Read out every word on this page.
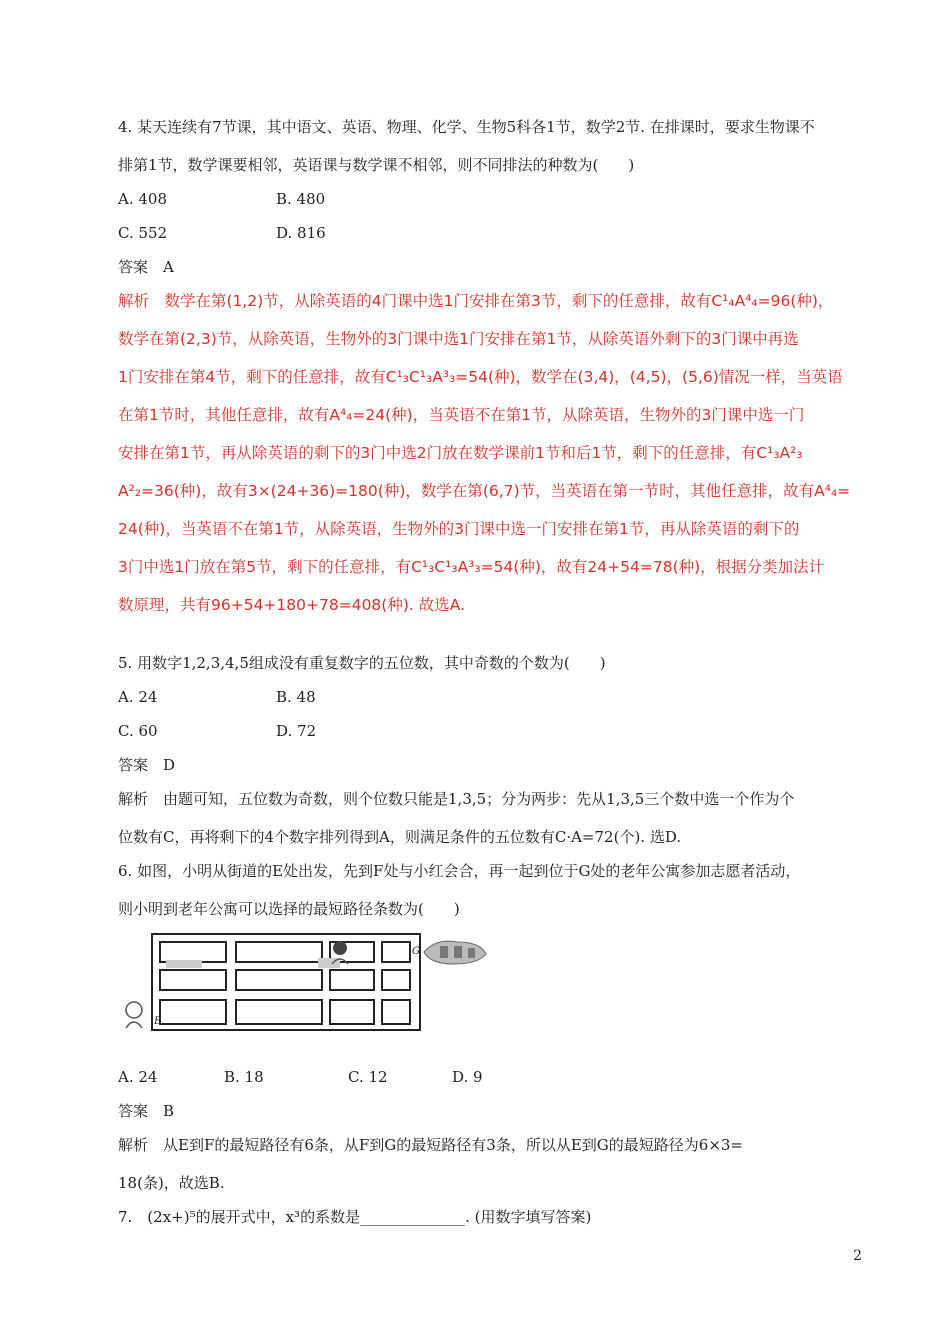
4. 某天连续有7节课，其中语文、英语、物理、化学、生物5科各1节，数学2节. 在排课时，要求生物课不
排第1节，数学课要相邻，英语课与数学课不相邻，则不同排法的种数为(　　)
A. 408	B. 480
C. 552	D. 816
答案　A
解析　数学在第(1,2)节，从除英语的4门课中选1门安排在第3节，剩下的任意排，故有C¹₄A⁴₄=96(种)，
数学在第(2,3)节，从除英语，生物外的3门课中选1门安排在第1节，从除英语外剩下的3门课中再选
1门安排在第4节，剩下的任意排，故有C¹₃C¹₃A³₃=54(种)，数学在(3,4)，(4,5)，(5,6)情况一样，当英语
在第1节时，其他任意排，故有A⁴₄=24(种)，当英语不在第1节，从除英语，生物外的3门课中选一门
安排在第1节，再从除英语的剩下的3门中选2门放在数学课前1节和后1节，剩下的任意排，有C¹₃A²₃
A²₂=36(种)，故有3×(24+36)=180(种)，数学在第(6,7)节，当英语在第一节时，其他任意排，故有A⁴₄=
24(种)，当英语不在第1节，从除英语，生物外的3门课中选一门安排在第1节，再从除英语的剩下的
3门中选1门放在第5节，剩下的任意排，有C¹₃C¹₃A³₃=54(种)，故有24+54=78(种)，根据分类加法计
数原理，共有96+54+180+78=408(种). 故选A.
5. 用数字1,2,3,4,5组成没有重复数字的五位数，其中奇数的个数为(　　)
A. 24	B. 48
C. 60	D. 72
答案　D
解析　由题可知，五位数为奇数，则个位数只能是1,3,5；分为两步：先从1,3,5三个数中选一个作为个
位数有C，再将剩下的4个数字排列得到A，则满足条件的五位数有C·A=72(个). 选D.
6. 如图，小明从街道的E处出发，先到F处与小红会合，再一起到位于G处的老年公寓参加志愿者活动，
则小明到老年公寓可以选择的最短路径条数为(　　)
E
G
A. 24	B. 18	C. 12	D. 9
答案　B
解析　从E到F的最短路径有6条，从F到G的最短路径有3条，所以从E到G的最短路径为6×3=
18(条)，故选B.
7.　(2x+)⁵的展开式中，x³的系数是______________. (用数字填写答案)
2
